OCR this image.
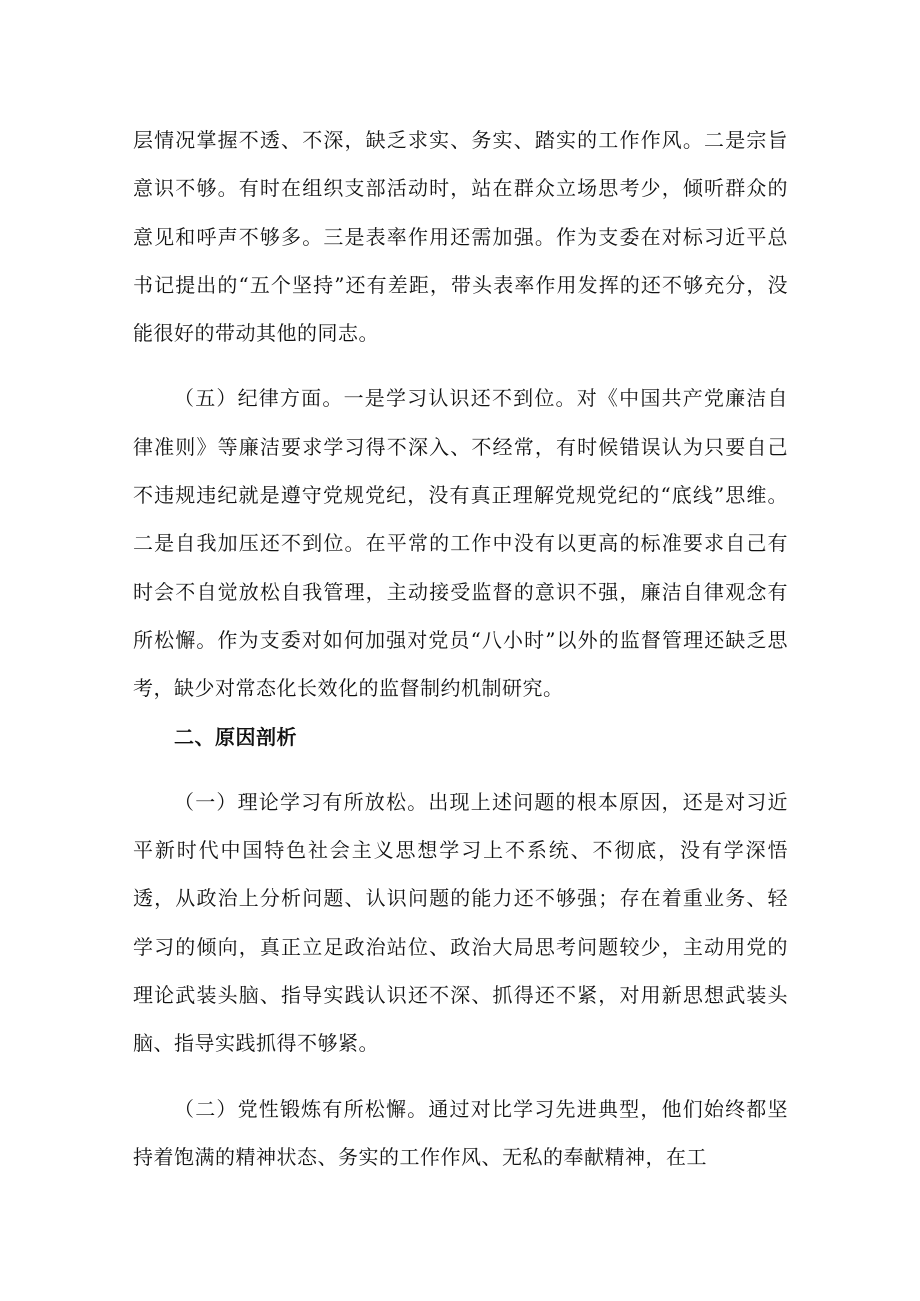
层情况掌握不透、不深，缺乏求实、务实、踏实的工作作风。二是宗旨意识不够。有时在组织支部活动时，站在群众立场思考少，倾听群众的意见和呼声不够多。三是表率作用还需加强。作为支委在对标习近平总书记提出的“五个坚持”还有差距，带头表率作用发挥的还不够充分，没能很好的带动其他的同志。

（五）纪律方面。一是学习认识还不到位。对《中国共产党廉洁自律准则》等廉洁要求学习得不深入、不经常，有时候错误认为只要自己不违规违纪就是遵守党规党纪，没有真正理解党规党纪的“底线”思维。二是自我加压还不到位。在平常的工作中没有以更高的标准要求自己有时会不自觉放松自我管理，主动接受监督的意识不强，廉洁自律观念有所松懈。作为支委对如何加强对党员“八小时”以外的监督管理还缺乏思考，缺少对常态化长效化的监督制约机制研究。

二、原因剖析

（一）理论学习有所放松。出现上述问题的根本原因，还是对习近平新时代中国特色社会主义思想学习上不系统、不彻底，没有学深悟透，从政治上分析问题、认识问题的能力还不够强；存在着重业务、轻学习的倾向，真正立足政治站位、政治大局思考问题较少，主动用党的理论武装头脑、指导实践认识还不深、抓得还不紧，对用新思想武装头脑、指导实践抓得不够紧。

（二）党性锻炼有所松懈。通过对比学习先进典型，他们始终都坚持着饱满的精神状态、务实的工作作风、无私的奉献精神，在工
